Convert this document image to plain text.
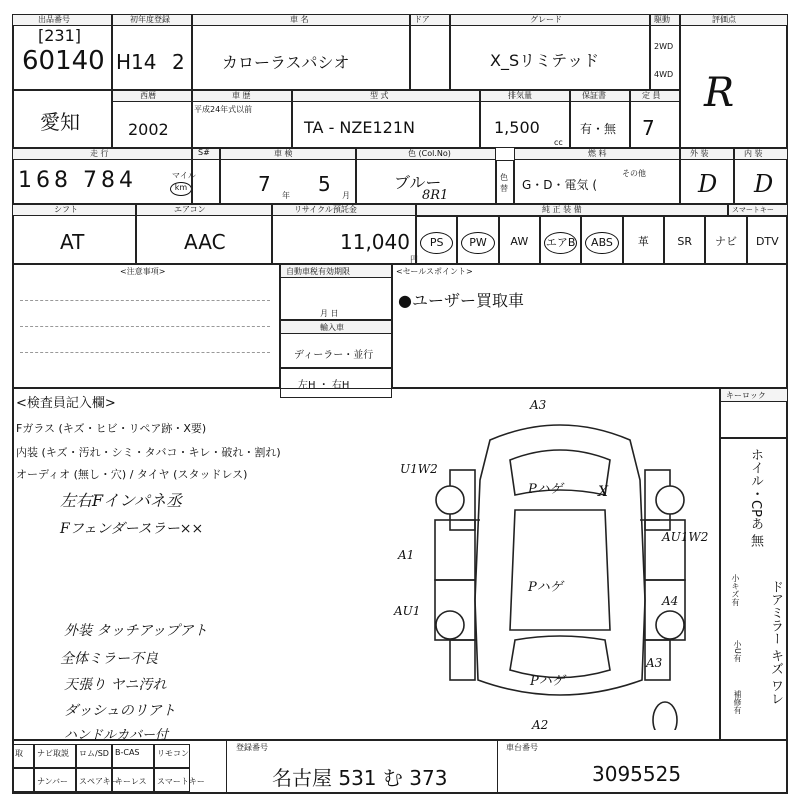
出品番号
[231]
60140
初年度登録
H14 2
車 名
カローラスパシオ
ドア	グレード
X_Sリミテッド
駆動
2WD
4WD
評価点
R
愛知
西暦
2002
車 歴
平成24年式以前
型 式
TA - NZE121N
排気量
1,500
cc
保証書
有・無
定 員
7
走 行
168 784	マイル
km
S#	車 検
7 年 5 月
色 (Col.No)
ブルー
8R1
色替
燃 料
G・D・電気 (
その他
外 装
D
内 装
D
シフト
AT
エアコン
AAC
リサイクル預託金
11,040
円
純 正 装 備	スマートキー
PS	PW	AW	エアB	ABS	革	SR	ナビ	DTV
<注意事項>	自動車税有効期限
月 日
輸入車
ディーラー・並行
左H ・ 右H
<セールスポイント>
●ユーザー買取車
<検査員記入欄>
Fガラス (キズ・ヒビ・リペア跡・X要)
内装 (キズ・汚れ・シミ・タバコ・キレ・破れ・割れ)
オーディオ (無し・穴) / タイヤ (スタッドレス)
左右Fインパネ丞
Fフェンダースラー××
外装 タッチアップアト
全体ミラー不良
天張り ヤニ汚れ
ダッシュのリアト
ハンドルカバー付
A3
U1W2
X
Pハゲ
A1
AU1W2
Pハゲ
AU1
A4
A3
Pハゲ
A2
キーロック
ホイル・CPあ 無
ドアミラー キズ ワレ
小キズ有
小U有
補修有
取 ナビ取説 ロム/SD B-CAS リモコン
ナンバー スペアキー
キーレス スマートキー
登録番号
名古屋 531 む 373
車台番号
3095525
